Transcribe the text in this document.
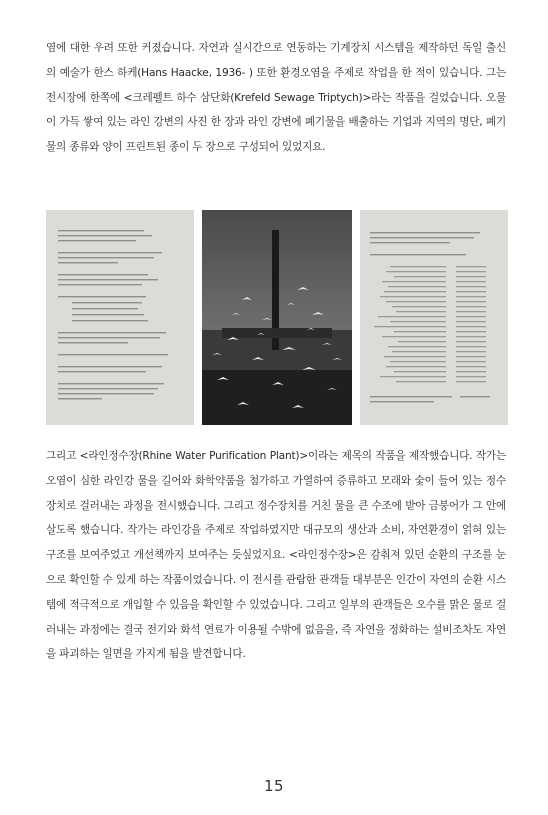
염에 대한 우려 또한 커졌습니다. 자연과 실시간으로 연동하는 기계장치 시스템을 제작하던 독일 출신의 예술가 한스 하케(Hans Haacke, 1936- ) 또한 환경오염을 주제로 작업을 한 적이 있습니다. 그는 전시장에 한쪽에 <크레펠트 하수 삼단화(Krefeld Sewage Triptych)>라는 작품을 걸었습니다. 오물이 가득 쌓여 있는 라인 강변의 사진 한 장과 라인 강변에 폐기물을 배출하는 기업과 지역의 명단, 폐기물의 종류와 양이 프린트된 종이 두 장으로 구성되어 있었지요.

그리고 <라인정수장(Rhine Water Purification Plant)>이라는 제목의 작품을 제작했습니다. 작가는 오염이 심한 라인강 물을 길어와 화학약품을 첨가하고 가열하여 증류하고 모래와 숯이 들어 있는 정수장치로 걸러내는 과정을 전시했습니다. 그리고 정수장치를 거친 물을 큰 수조에 받아 금붕어가 그 안에 살도록 했습니다. 작가는 라인강을 주제로 작업하였지만 대규모의 생산과 소비, 자연환경이 얽혀 있는 구조를 보여주었고 개선책까지 보여주는 듯싶었지요. <라인정수장>은 감춰져 있던 순환의 구조를 눈으로 확인할 수 있게 하는 작품이었습니다. 이 전시를 관람한 관객들 대부분은 인간이 자연의 순환 시스템에 적극적으로 개입할 수 있음을 확인할 수 있었습니다. 그리고 일부의 관객들은 오수를 맑은 물로 걸러내는 과정에는 결국 전기와 화석 연료가 이용될 수밖에 없음을, 즉 자연을 정화하는 설비조차도 자연을 파괴하는 일면을 가지게 됨을 발견합니다.

15
